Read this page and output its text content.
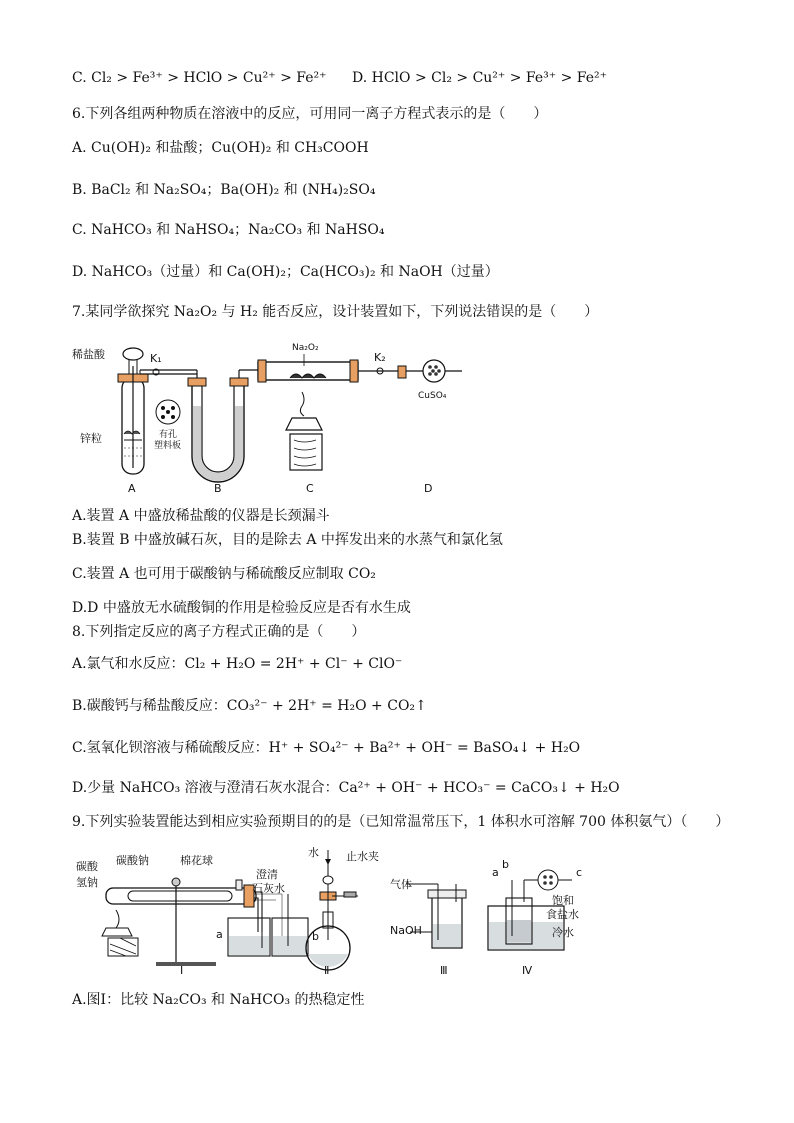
C. Cl₂ > Fe³⁺ > HClO > Cu²⁺ > Fe²⁺ D. HClO > Cl₂ > Cu²⁺ > Fe³⁺ > Fe²⁺
6.下列各组两种物质在溶液中的反应，可用同一离子方程式表示的是（　　）
A. Cu(OH)₂ 和盐酸；Cu(OH)₂ 和 CH₃COOH
B. BaCl₂ 和 Na₂SO₄；Ba(OH)₂ 和 (NH₄)₂SO₄
C. NaHCO₃ 和 NaHSO₄；Na₂CO₃ 和 NaHSO₄
D. NaHCO₃（过量）和 Ca(OH)₂；Ca(HCO₃)₂ 和 NaOH（过量）
7.某同学欲探究 Na₂O₂ 与 H₂ 能否反应，设计装置如下，下列说法错误的是（　　）
K₁
有孔
塑料板
Na₂O₂
K₂
CuSO₄
稀盐酸
锌粒
A	B	C	D
A.装置 A 中盛放稀盐酸的仪器是长颈漏斗
B.装置 B 中盛放碱石灰，目的是除去 A 中挥发出来的水蒸气和氯化氢
C.装置 A 也可用于碳酸钠与稀硫酸反应制取 CO₂
D.D 中盛放无水硫酸铜的作用是检验反应是否有水生成
8.下列指定反应的离子方程式正确的是（　　）
A.氯气和水反应：Cl₂ + H₂O = 2H⁺ + Cl⁻ + ClO⁻
B.碳酸钙与稀盐酸反应：CO₃²⁻ + 2H⁺ = H₂O + CO₂↑
C.氢氧化钡溶液与稀硫酸反应：H⁺ + SO₄²⁻ + Ba²⁺ + OH⁻ = BaSO₄↓ + H₂O
D.少量 NaHCO₃ 溶液与澄清石灰水混合：Ca²⁺ + OH⁻ + HCO₃⁻ = CaCO₃↓ + H₂O
9.下列实验装置能达到相应实验预期目的的是（已知常温常压下，1 体积水可溶解 700 体积氨气）（　　）
碳酸
氢钠
碳酸钠	棉花球
澄清
石灰水
a	b
Ⅰ
水 止水夹
Ⅱ
气体
NaOH
Ⅲ
a
b
c
饱和
食盐水
冷水
Ⅳ
A.图Ⅰ：比较 Na₂CO₃ 和 NaHCO₃ 的热稳定性
